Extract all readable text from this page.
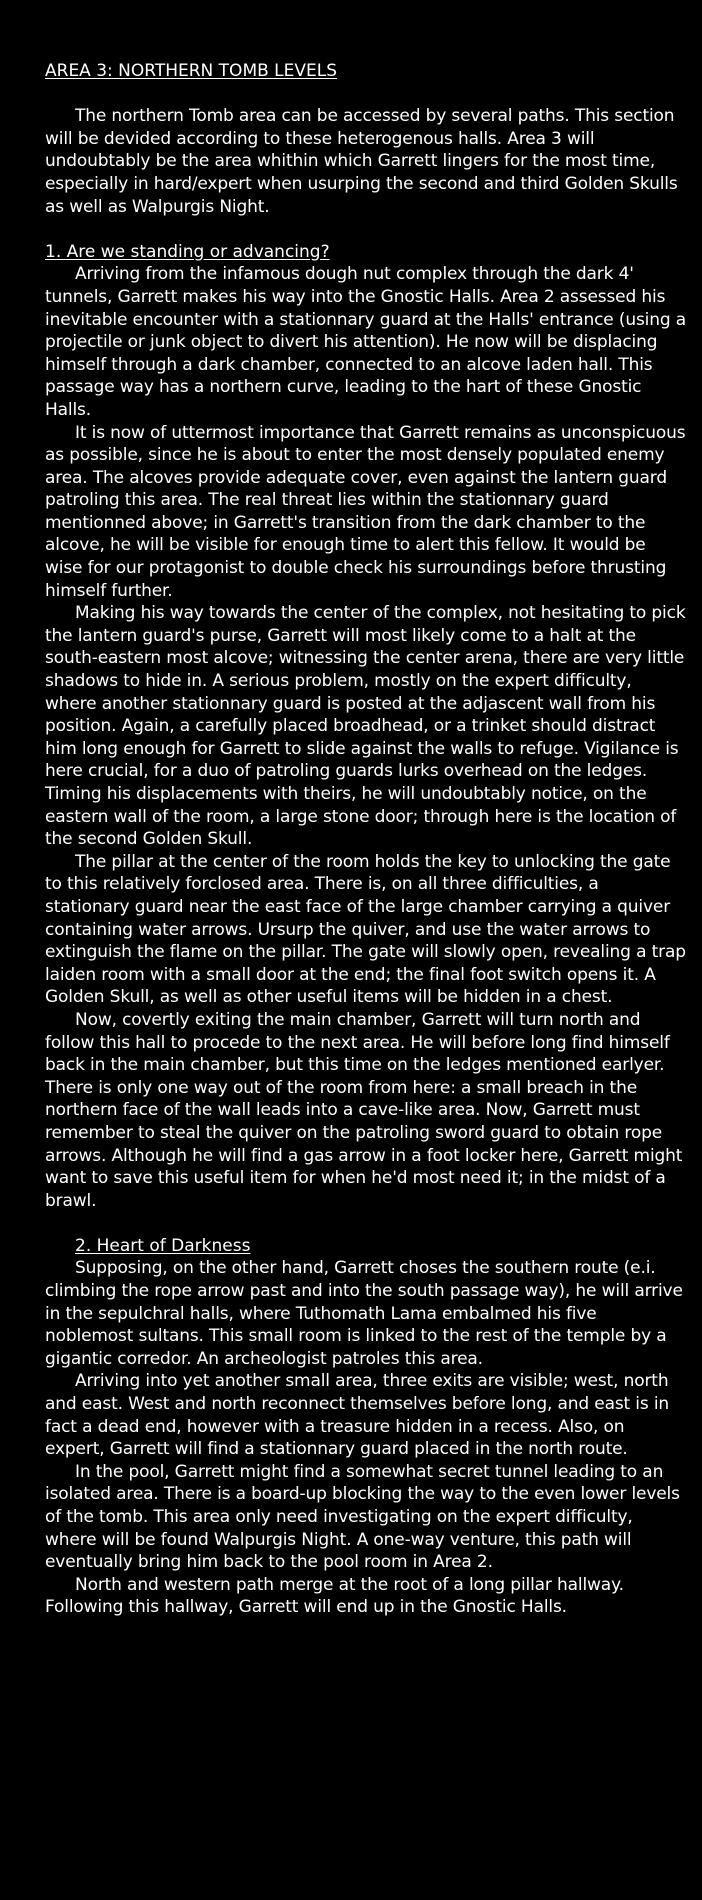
AREA 3: NORTHERN TOMB LEVELS

The northern Tomb area can be accessed by several paths. This section will be devided according to these heterogenous halls. Area 3 will undoubtably be the area whithin which Garrett lingers for the most time, especially in hard/expert when usurping the second and third Golden Skulls as well as Walpurgis Night.

1. Are we standing or advancing?

Arriving from the infamous dough nut complex through the dark 4' tunnels, Garrett makes his way into the Gnostic Halls. Area 2 assessed his inevitable encounter with a stationnary guard at the Halls' entrance (using a projectile or junk object to divert his attention). He now will be displacing himself through a dark chamber, connected to an alcove laden hall. This passage way has a northern curve, leading to the hart of these Gnostic Halls.

It is now of uttermost importance that Garrett remains as unconspicuous as possible, since he is about to enter the most densely populated enemy area. The alcoves provide adequate cover, even against the lantern guard patroling this area. The real threat lies within the stationnary guard mentionned above; in Garrett's transition from the dark chamber to the alcove, he will be visible for enough time to alert this fellow. It would be wise for our protagonist to double check his surroundings before thrusting himself further.

Making his way towards the center of the complex, not hesitating to pick the lantern guard's purse, Garrett will most likely come to a halt at the south-eastern most alcove; witnessing the center arena, there are very little shadows to hide in. A serious problem, mostly on the expert difficulty, where another stationnary guard is posted at the adjascent wall from his position. Again, a carefully placed broadhead, or a trinket should distract him long enough for Garrett to slide against the walls to refuge. Vigilance is here crucial, for a duo of patroling guards lurks overhead on the ledges. Timing his displacements with theirs, he will undoubtably notice, on the eastern wall of the room, a large stone door; through here is the location of the second Golden Skull.

The pillar at the center of the room holds the key to unlocking the gate to this relatively forclosed area. There is, on all three difficulties, a stationary guard near the east face of the large chamber carrying a quiver containing water arrows. Ursurp the quiver, and use the water arrows to extinguish the flame on the pillar. The gate will slowly open, revealing a trap laiden room with a small door at the end; the final foot switch opens it. A Golden Skull, as well as other useful items will be hidden in a chest.

Now, covertly exiting the main chamber, Garrett will turn north and follow this hall to procede to the next area. He will before long find himself back in the main chamber, but this time on the ledges mentioned earlyer. There is only one way out of the room from here: a small breach in the northern face of the wall leads into a cave-like area. Now, Garrett must remember to steal the quiver on the patroling sword guard to obtain rope arrows. Although he will find a gas arrow in a foot locker here, Garrett might want to save this useful item for when he'd most need it; in the midst of a brawl.

2. Heart of Darkness

Supposing, on the other hand, Garrett choses the southern route (e.i. climbing the rope arrow past and into the south passage way), he will arrive in the sepulchral halls, where Tuthomath Lama embalmed his five noblemost sultans. This small room is linked to the rest of the temple by a gigantic corredor. An archeologist patroles this area.

Arriving into yet another small area, three exits are visible; west, north and east. West and north reconnect themselves before long, and east is in fact a dead end, however with a treasure hidden in a recess. Also, on expert, Garrett will find a stationnary guard placed in the north route.

In the pool, Garrett might find a somewhat secret tunnel leading to an isolated area. There is a board-up blocking the way to the even lower levels of the tomb. This area only need investigating on the expert difficulty, where will be found Walpurgis Night. A one-way venture, this path will eventually bring him back to the pool room in Area 2.

North and western path merge at the root of a long pillar hallway. Following this hallway, Garrett will end up in the Gnostic Halls.
